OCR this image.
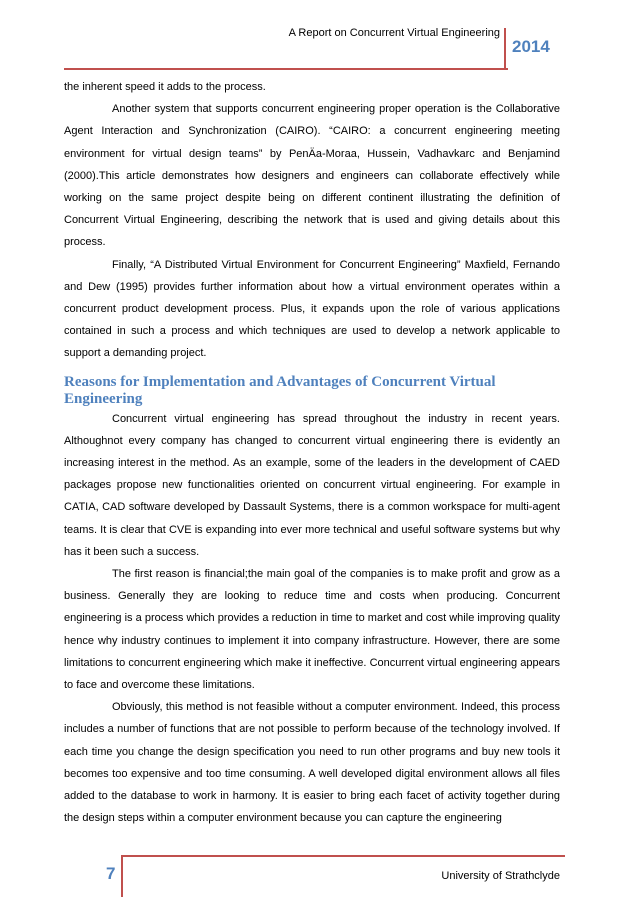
A Report on Concurrent Virtual Engineering
2014

the inherent speed it adds to the process.

Another system that supports concurrent engineering proper operation is the Collaborative Agent Interaction and Synchronization (CAIRO). “CAIRO: a concurrent engineering meeting environment for virtual design teams” by PenÄa-Moraa, Hussein, Vadhavkarc and Benjamind (2000).This article demonstrates how designers and engineers can collaborate effectively while working on the same project despite being on different continent illustrating the definition of Concurrent Virtual Engineering, describing the network that is used and giving details about this process.

Finally, “A Distributed Virtual Environment for Concurrent Engineering” Maxfield, Fernando and Dew (1995) provides further information about how a virtual environment operates within a concurrent product development process. Plus, it expands upon the role of various applications contained in such a process and which techniques are used to develop a network applicable to support a demanding project.

Reasons for Implementation and Advantages of Concurrent Virtual Engineering

Concurrent virtual engineering has spread throughout the industry in recent years. Althoughnot every company has changed to concurrent virtual engineering there is evidently an increasing interest in the method. As an example, some of the leaders in the development of CAED packages propose new functionalities oriented on concurrent virtual engineering. For example in CATIA, CAD software developed by Dassault Systems, there is a common workspace for multi-agent teams. It is clear that CVE is expanding into ever more technical and useful software systems but why has it been such a success.

The first reason is financial;the main goal of the companies is to make profit and grow as a business. Generally they are looking to reduce time and costs when producing. Concurrent engineering is a process which provides a reduction in time to market and cost while improving quality hence why industry continues to implement it into company infrastructure. However, there are some limitations to concurrent engineering which make it ineffective. Concurrent virtual engineering appears to face and overcome these limitations.

Obviously, this method is not feasible without a computer environment. Indeed, this process includes a number of functions that are not possible to perform because of the technology involved. If each time you change the design specification you need to run other programs and buy new tools it becomes too expensive and too time consuming. A well developed digital environment allows all files added to the database to work in harmony. It is easier to bring each facet of activity together during the design steps within a computer environment because you can capture the engineering

7	University of Strathclyde
